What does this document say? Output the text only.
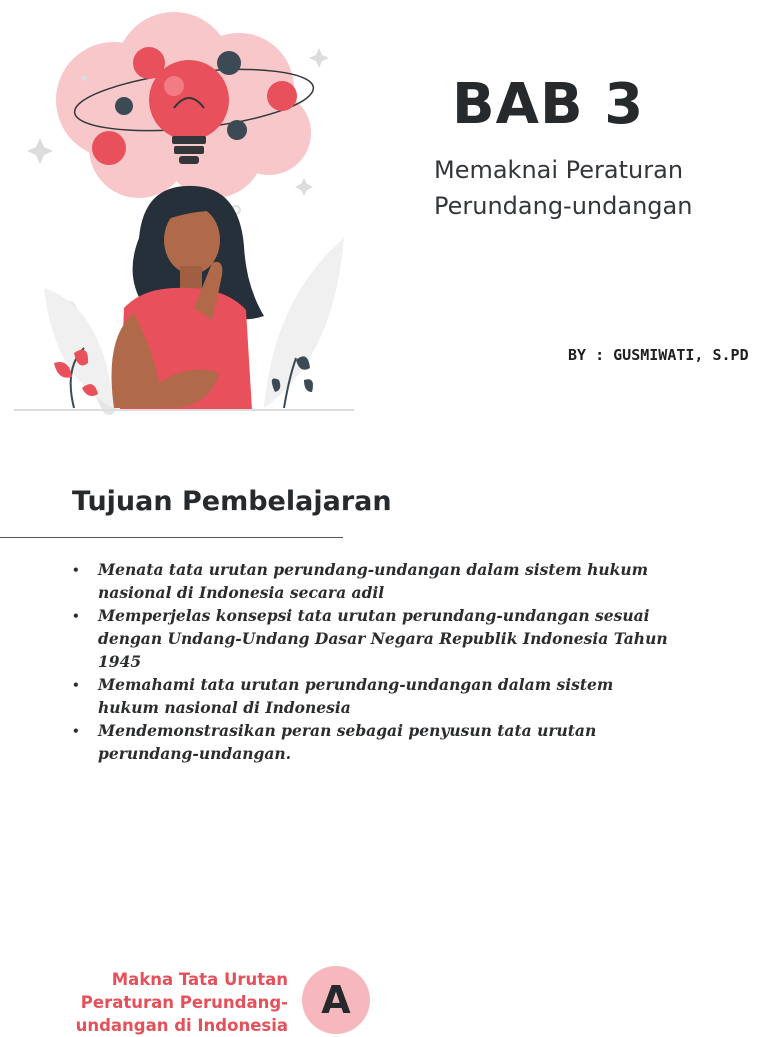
BAB 3
Memaknai Peraturan
Perundang-undangan
BY : GUSMIWATI, S.PD
Tujuan Pembelajaran
• Menata tata urutan perundang-undangan dalam sistem hukum nasional di Indonesia secara adil
• Memperjelas konsepsi tata urutan perundang-undangan sesuai dengan Undang-Undang Dasar Negara Republik Indonesia Tahun 1945
• Memahami tata urutan perundang-undangan dalam sistem hukum nasional di Indonesia
• Mendemonstrasikan peran sebagai penyusun tata urutan perundang-undangan.
Makna Tata Urutan
Peraturan Perundang-
undangan di Indonesia
A
